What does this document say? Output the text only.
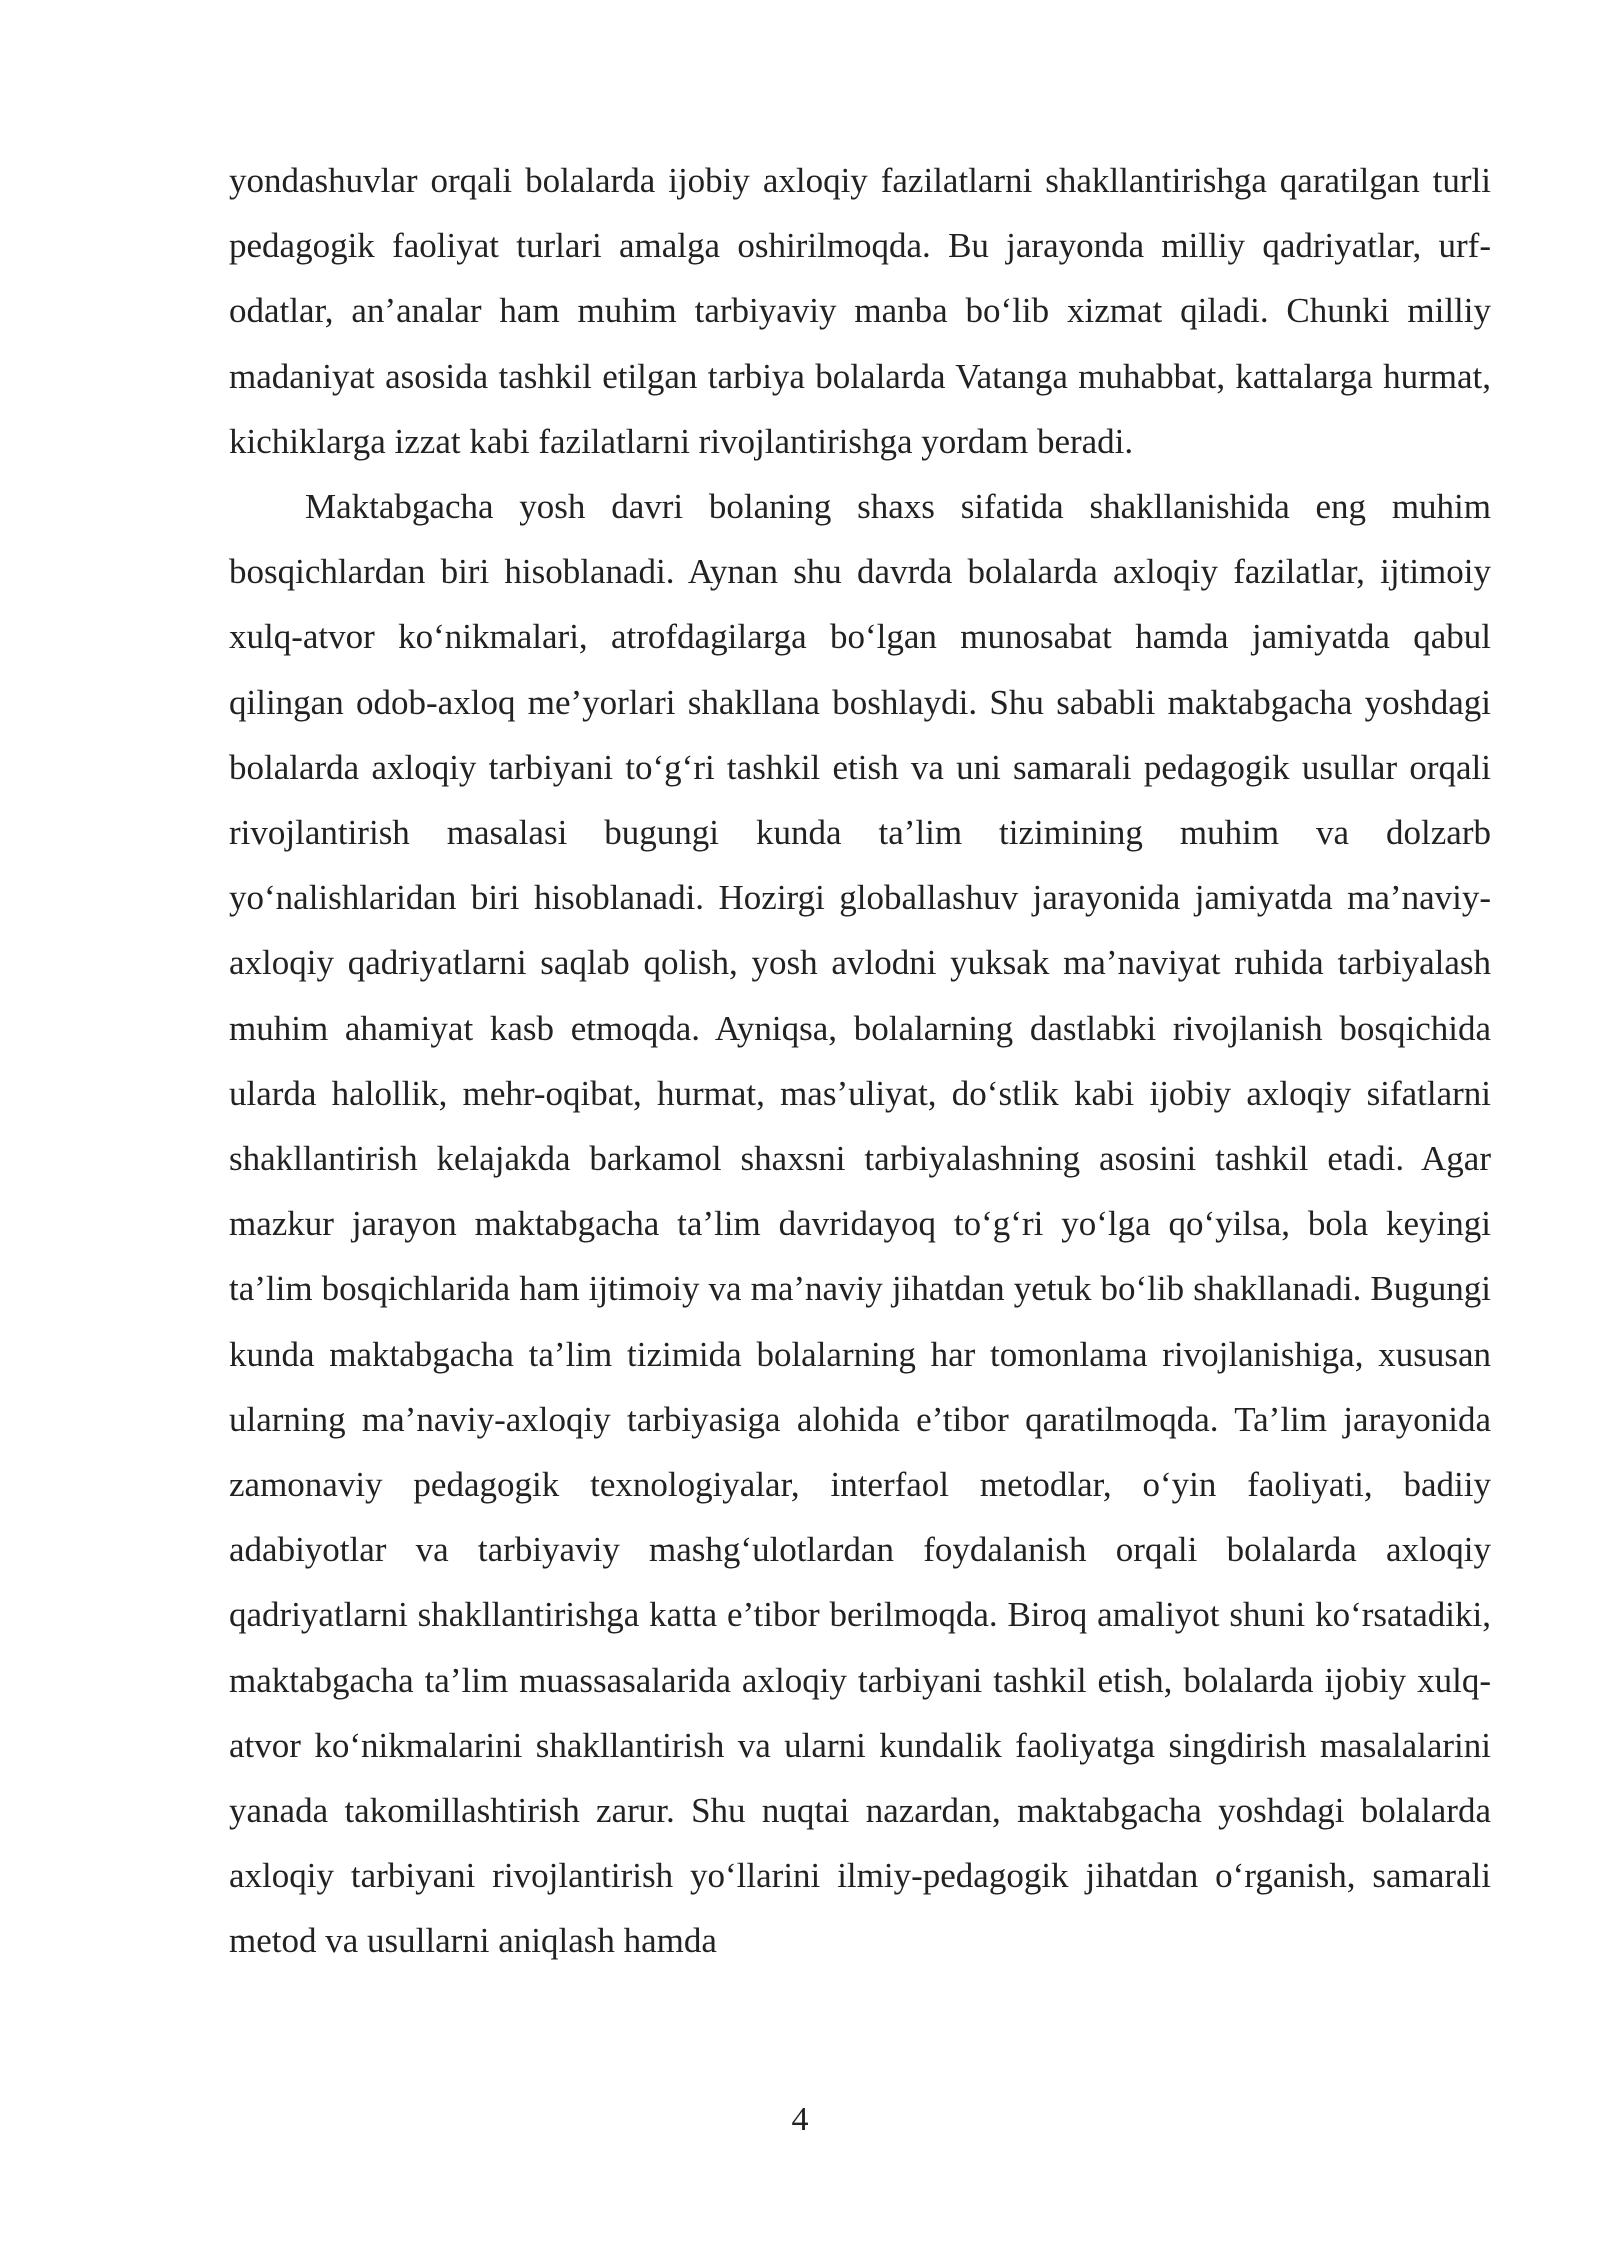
yondashuvlar orqali bolalarda ijobiy axloqiy fazilatlarni shakllantirishga qaratilgan turli pedagogik faoliyat turlari amalga oshirilmoqda. Bu jarayonda milliy qadriyatlar, urf-odatlar, an’analar ham muhim tarbiyaviy manba boʻlib xizmat qiladi. Chunki milliy madaniyat asosida tashkil etilgan tarbiya bolalarda Vatanga muhabbat, kattalarga hurmat, kichiklarga izzat kabi fazilatlarni rivojlantirishga yordam beradi.

Maktabgacha yosh davri bolaning shaxs sifatida shakllanishida eng muhim bosqichlardan biri hisoblanadi. Aynan shu davrda bolalarda axloqiy fazilatlar, ijtimoiy xulq-atvor koʻnikmalari, atrofdagilarga boʻlgan munosabat hamda jamiyatda qabul qilingan odob-axloq me’yorlari shakllana boshlaydi. Shu sababli maktabgacha yoshdagi bolalarda axloqiy tarbiyani toʻgʻri tashkil etish va uni samarali pedagogik usullar orqali rivojlantirish masalasi bugungi kunda ta’lim tizimining muhim va dolzarb yoʻnalishlaridan biri hisoblanadi. Hozirgi globallashuv jarayonida jamiyatda ma’naviy-axloqiy qadriyatlarni saqlab qolish, yosh avlodni yuksak ma’naviyat ruhida tarbiyalash muhim ahamiyat kasb etmoqda. Ayniqsa, bolalarning dastlabki rivojlanish bosqichida ularda halollik, mehr-oqibat, hurmat, mas’uliyat, doʻstlik kabi ijobiy axloqiy sifatlarni shakllantirish kelajakda barkamol shaxsni tarbiyalashning asosini tashkil etadi. Agar mazkur jarayon maktabgacha ta’lim davridayoq toʻgʻri yoʻlga qoʻyilsa, bola keyingi ta’lim bosqichlarida ham ijtimoiy va ma’naviy jihatdan yetuk boʻlib shakllanadi. Bugungi kunda maktabgacha ta’lim tizimida bolalarning har tomonlama rivojlanishiga, xususan ularning ma’naviy-axloqiy tarbiyasiga alohida e’tibor qaratilmoqda. Ta’lim jarayonida zamonaviy pedagogik texnologiyalar, interfaol metodlar, oʻyin faoliyati, badiiy adabiyotlar va tarbiyaviy mashgʻulotlardan foydalanish orqali bolalarda axloqiy qadriyatlarni shakllantirishga katta e’tibor berilmoqda. Biroq amaliyot shuni koʻrsatadiki, maktabgacha ta’lim muassasalarida axloqiy tarbiyani tashkil etish, bolalarda ijobiy xulq-atvor koʻnikmalarini shakllantirish va ularni kundalik faoliyatga singdirish masalalarini yanada takomillashtirish zarur. Shu nuqtai nazardan, maktabgacha yoshdagi bolalarda axloqiy tarbiyani rivojlantirish yoʻllarini ilmiy-pedagogik jihatdan oʻrganish, samarali metod va usullarni aniqlash hamda

4
